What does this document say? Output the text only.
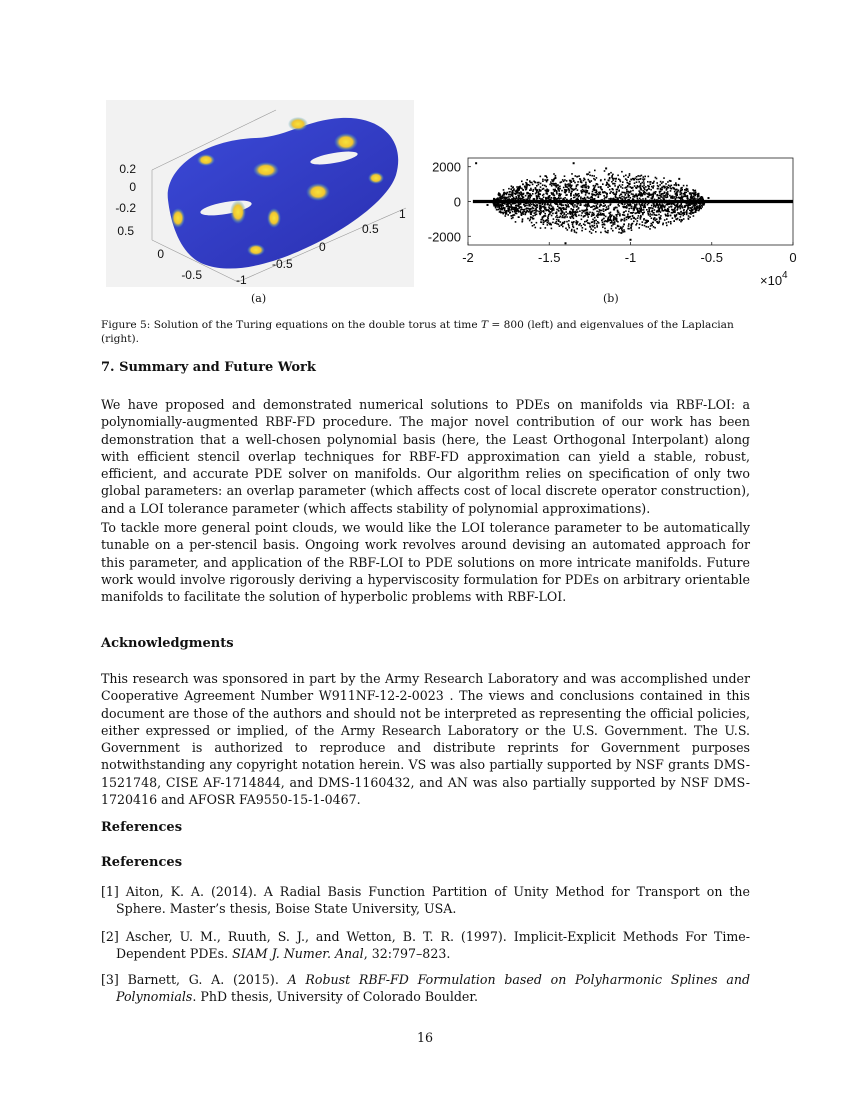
0.2
0
-0.2
0.5
0
-0.5
1
0.5
0
-0.5
-1
(a)
-2	-1.5	-1	-0.5	0
2000
0
-2000
×10 4
(b)
Figure 5: Solution of the Turing equations on the double torus at time T = 800 (left) and eigenvalues of the Laplacian (right).
7. Summary and Future Work
We have proposed and demonstrated numerical solutions to PDEs on manifolds via RBF-LOI: a polynomially-augmented RBF-FD procedure. The major novel contribution of our work has been demonstration that a well-chosen polynomial basis (here, the Least Orthogonal Interpolant) along with efficient stencil overlap techniques for RBF-FD approximation can yield a stable, robust, efficient, and accurate PDE solver on manifolds. Our algorithm relies on specification of only two global parameters: an overlap parameter (which affects cost of local discrete operator construction), and a LOI tolerance parameter (which affects stability of polynomial approximations).
To tackle more general point clouds, we would like the LOI tolerance parameter to be automatically tunable on a per-stencil basis. Ongoing work revolves around devising an automated approach for this parameter, and application of the RBF-LOI to PDE solutions on more intricate manifolds. Future work would involve rigorously deriving a hyperviscosity formulation for PDEs on arbitrary orientable manifolds to facilitate the solution of hyperbolic problems with RBF-LOI.
Acknowledgments
This research was sponsored in part by the Army Research Laboratory and was accomplished under Cooperative Agreement Number W911NF-12-2-0023 . The views and conclusions contained in this document are those of the authors and should not be interpreted as representing the official policies, either expressed or implied, of the Army Research Laboratory or the U.S. Government. The U.S. Government is authorized to reproduce and distribute reprints for Government purposes notwithstanding any copyright notation herein. VS was also partially supported by NSF grants DMS-1521748, CISE AF-1714844, and DMS-1160432, and AN was also partially supported by NSF DMS-1720416 and AFOSR FA9550-15-1-0467.
References
References
[1] Aiton, K. A. (2014). A Radial Basis Function Partition of Unity Method for Transport on the Sphere. Master’s thesis, Boise State University, USA.
[2] Ascher, U. M., Ruuth, S. J., and Wetton, B. T. R. (1997). Implicit-Explicit Methods For Time-Dependent PDEs. SIAM J. Numer. Anal, 32:797–823.
[3] Barnett, G. A. (2015). A Robust RBF-FD Formulation based on Polyharmonic Splines and Polynomials. PhD thesis, University of Colorado Boulder.
16
